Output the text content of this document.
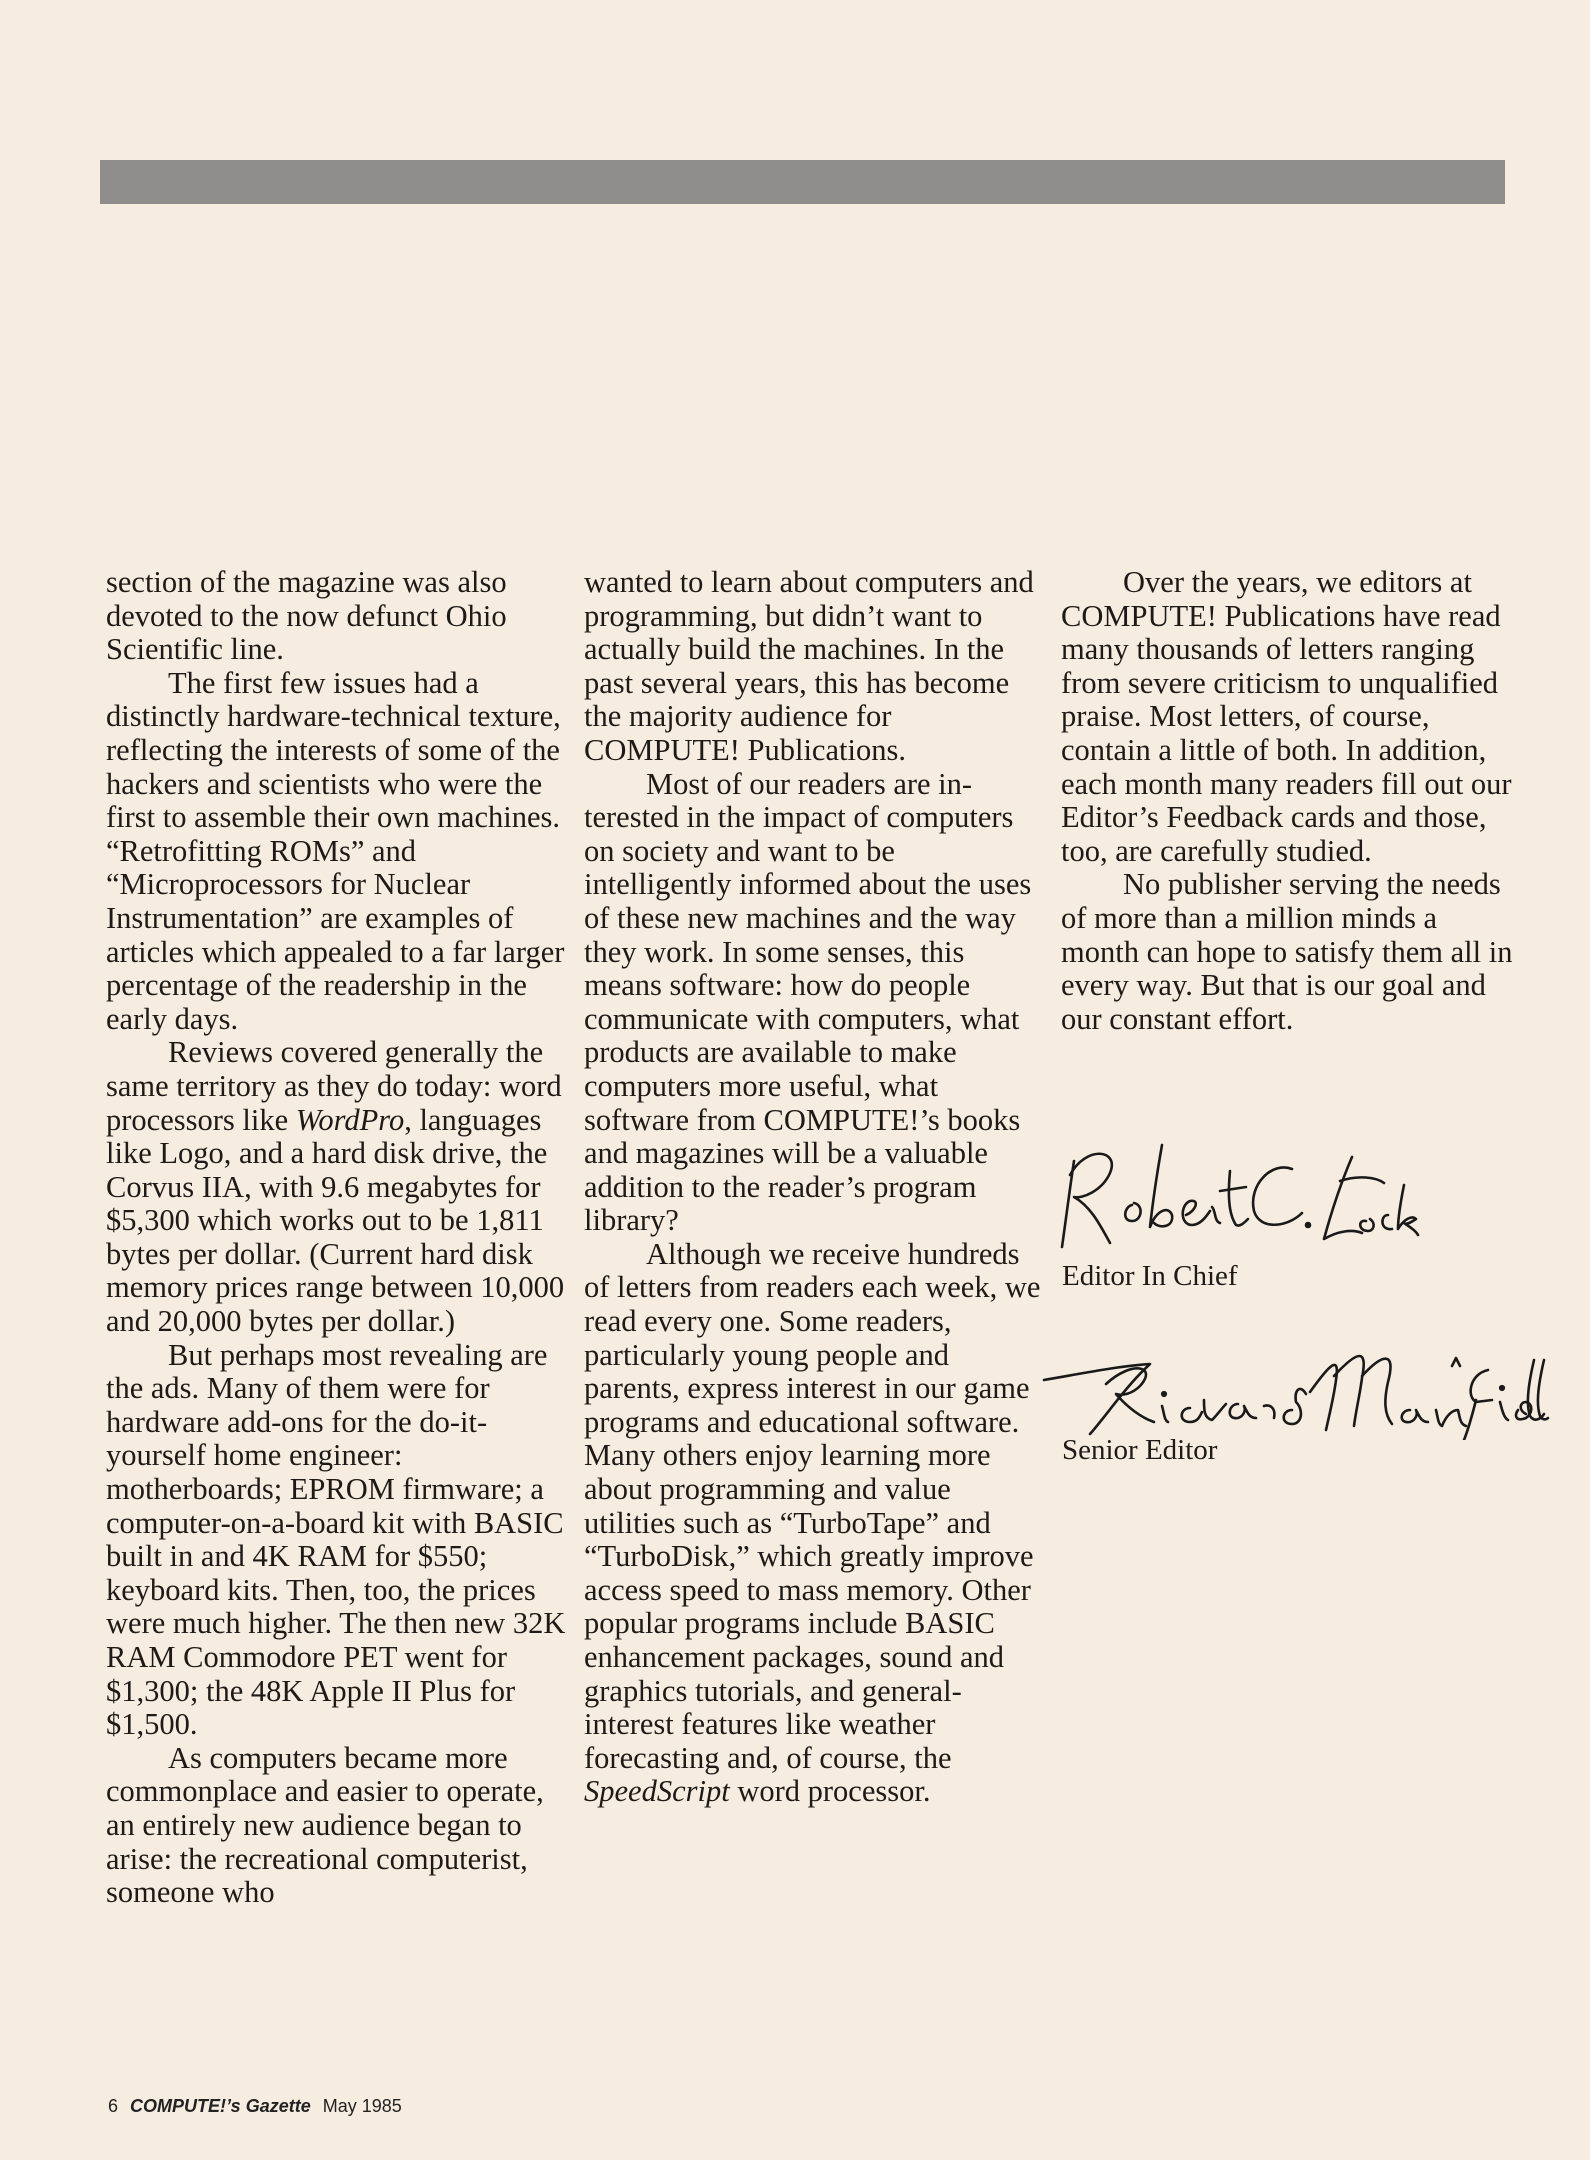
section of the magazine was also devoted to the now defunct Ohio Scientific line.

The first few issues had a distinctly hardware-technical texture, reflecting the interests of some of the hackers and scientists who were the first to assemble their own machines. “Retrofitting ROMs” and “Microprocessors for Nuclear Instrumentation” are examples of articles which appealed to a far larger percentage of the readership in the early days.

Reviews covered generally the same territory as they do today: word processors like WordPro, languages like Logo, and a hard disk drive, the Corvus IIA, with 9.6 megabytes for $5,300 which works out to be 1,811 bytes per dollar. (Current hard disk memory prices range between 10,000 and 20,000 bytes per dollar.)

But perhaps most revealing are the ads. Many of them were for hardware add-ons for the do-it-yourself home engineer: motherboards; EPROM firmware; a computer-on-a-board kit with BASIC built in and 4K RAM for $550; keyboard kits. Then, too, the prices were much higher. The then new 32K RAM Commodore PET went for $1,300; the 48K Apple II Plus for $1,500.

As computers became more commonplace and easier to operate, an entirely new audience began to arise: the recreational computerist, someone who

wanted to learn about computers and programming, but didn’t want to actually build the machines. In the past several years, this has become the majority audience for COMPUTE! Publications.

Most of our readers are interested in the impact of computers on society and want to be intelligently informed about the uses of these new machines and the way they work. In some senses, this means software: how do people communicate with computers, what products are available to make computers more useful, what software from COMPUTE!’s books and magazines will be a valuable addition to the reader’s program library?

Although we receive hundreds of letters from readers each week, we read every one. Some readers, particularly young people and parents, express interest in our game programs and educational software. Many others enjoy learning more about programming and value utilities such as “TurboTape” and “TurboDisk,” which greatly improve access speed to mass memory. Other popular programs include BASIC enhancement packages, sound and graphics tutorials, and general-interest features like weather forecasting and, of course, the SpeedScript word processor.

Over the years, we editors at COMPUTE! Publications have read many thousands of letters ranging from severe criticism to unqualified praise. Most letters, of course, contain a little of both. In addition, each month many readers fill out our Editor’s Feedback cards and those, too, are carefully studied.

No publisher serving the needs of more than a million minds a month can hope to satisfy them all in every way. But that is our goal and our constant effort.

Editor In Chief
Senior Editor
6 COMPUTE!’s Gazette May 1985
